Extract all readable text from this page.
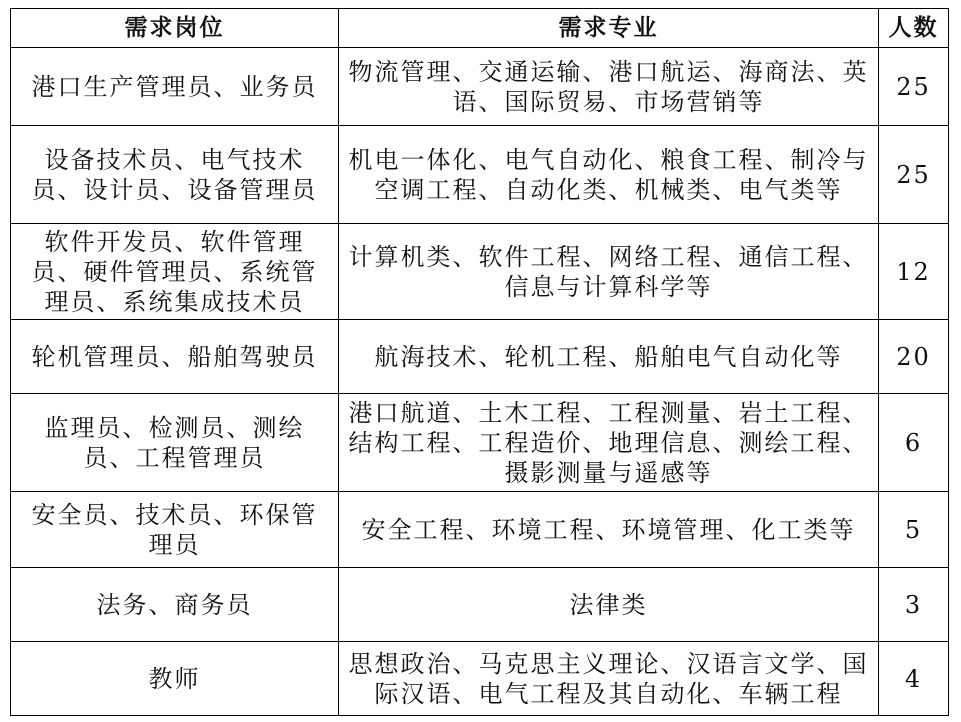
需求岗位	需求专业	人数
港口生产管理员、业务员	物流管理、交通运输、港口航运、海商法、英语、国际贸易、市场营销等	25
设备技术员、电气技术员、设计员、设备管理员	机电一体化、电气自动化、粮食工程、制冷与空调工程、自动化类、机械类、电气类等	25
软件开发员、软件管理员、硬件管理员、系统管理员、系统集成技术员	计算机类、软件工程、网络工程、通信工程、信息与计算科学等	12
轮机管理员、船舶驾驶员	航海技术、轮机工程、船舶电气自动化等	20
监理员、检测员、测绘员、工程管理员	港口航道、土木工程、工程测量、岩土工程、结构工程、工程造价、地理信息、测绘工程、摄影测量与遥感等	6
安全员、技术员、环保管理员	安全工程、环境工程、环境管理、化工类等	5
法务、商务员	法律类	3
教师	思想政治、马克思主义理论、汉语言文学、国际汉语、电气工程及其自动化、车辆工程	4
